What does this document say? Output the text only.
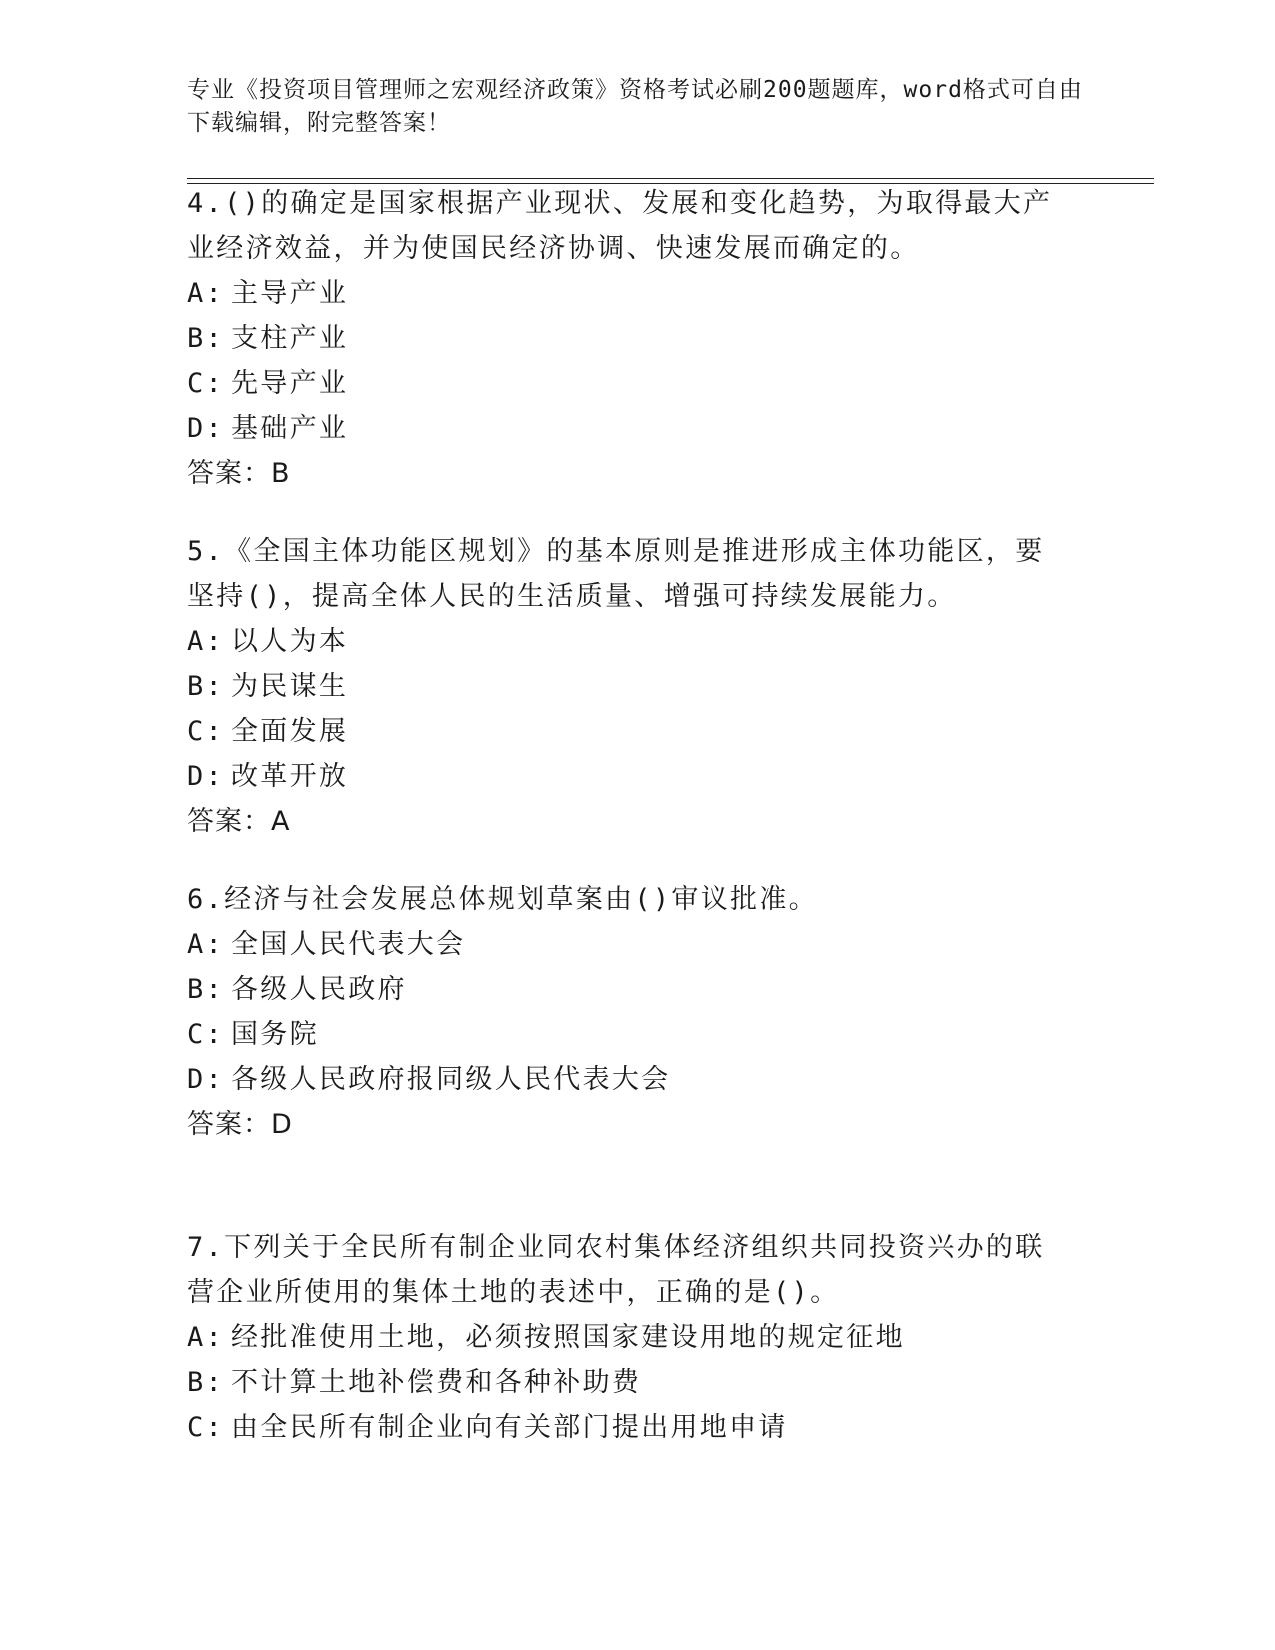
专业《投资项目管理师之宏观经济政策》资格考试必刷200题题库，word格式可自由下载编辑，附完整答案！

4.()的确定是国家根据产业现状、发展和变化趋势，为取得最大产业经济效益，并为使国民经济协调、快速发展而确定的。

A: 主导产业

B: 支柱产业

C: 先导产业

D: 基础产业

答案：B

5.《全国主体功能区规划》的基本原则是推进形成主体功能区，要坚持()，提高全体人民的生活质量、增强可持续发展能力。

A: 以人为本

B: 为民谋生

C: 全面发展

D: 改革开放

答案：A

6.经济与社会发展总体规划草案由()审议批准。

A: 全国人民代表大会

B: 各级人民政府

C: 国务院

D: 各级人民政府报同级人民代表大会

答案：D

7.下列关于全民所有制企业同农村集体经济组织共同投资兴办的联营企业所使用的集体土地的表述中，正确的是()。

A: 经批准使用土地，必须按照国家建设用地的规定征地

B: 不计算土地补偿费和各种补助费

C: 由全民所有制企业向有关部门提出用地申请
